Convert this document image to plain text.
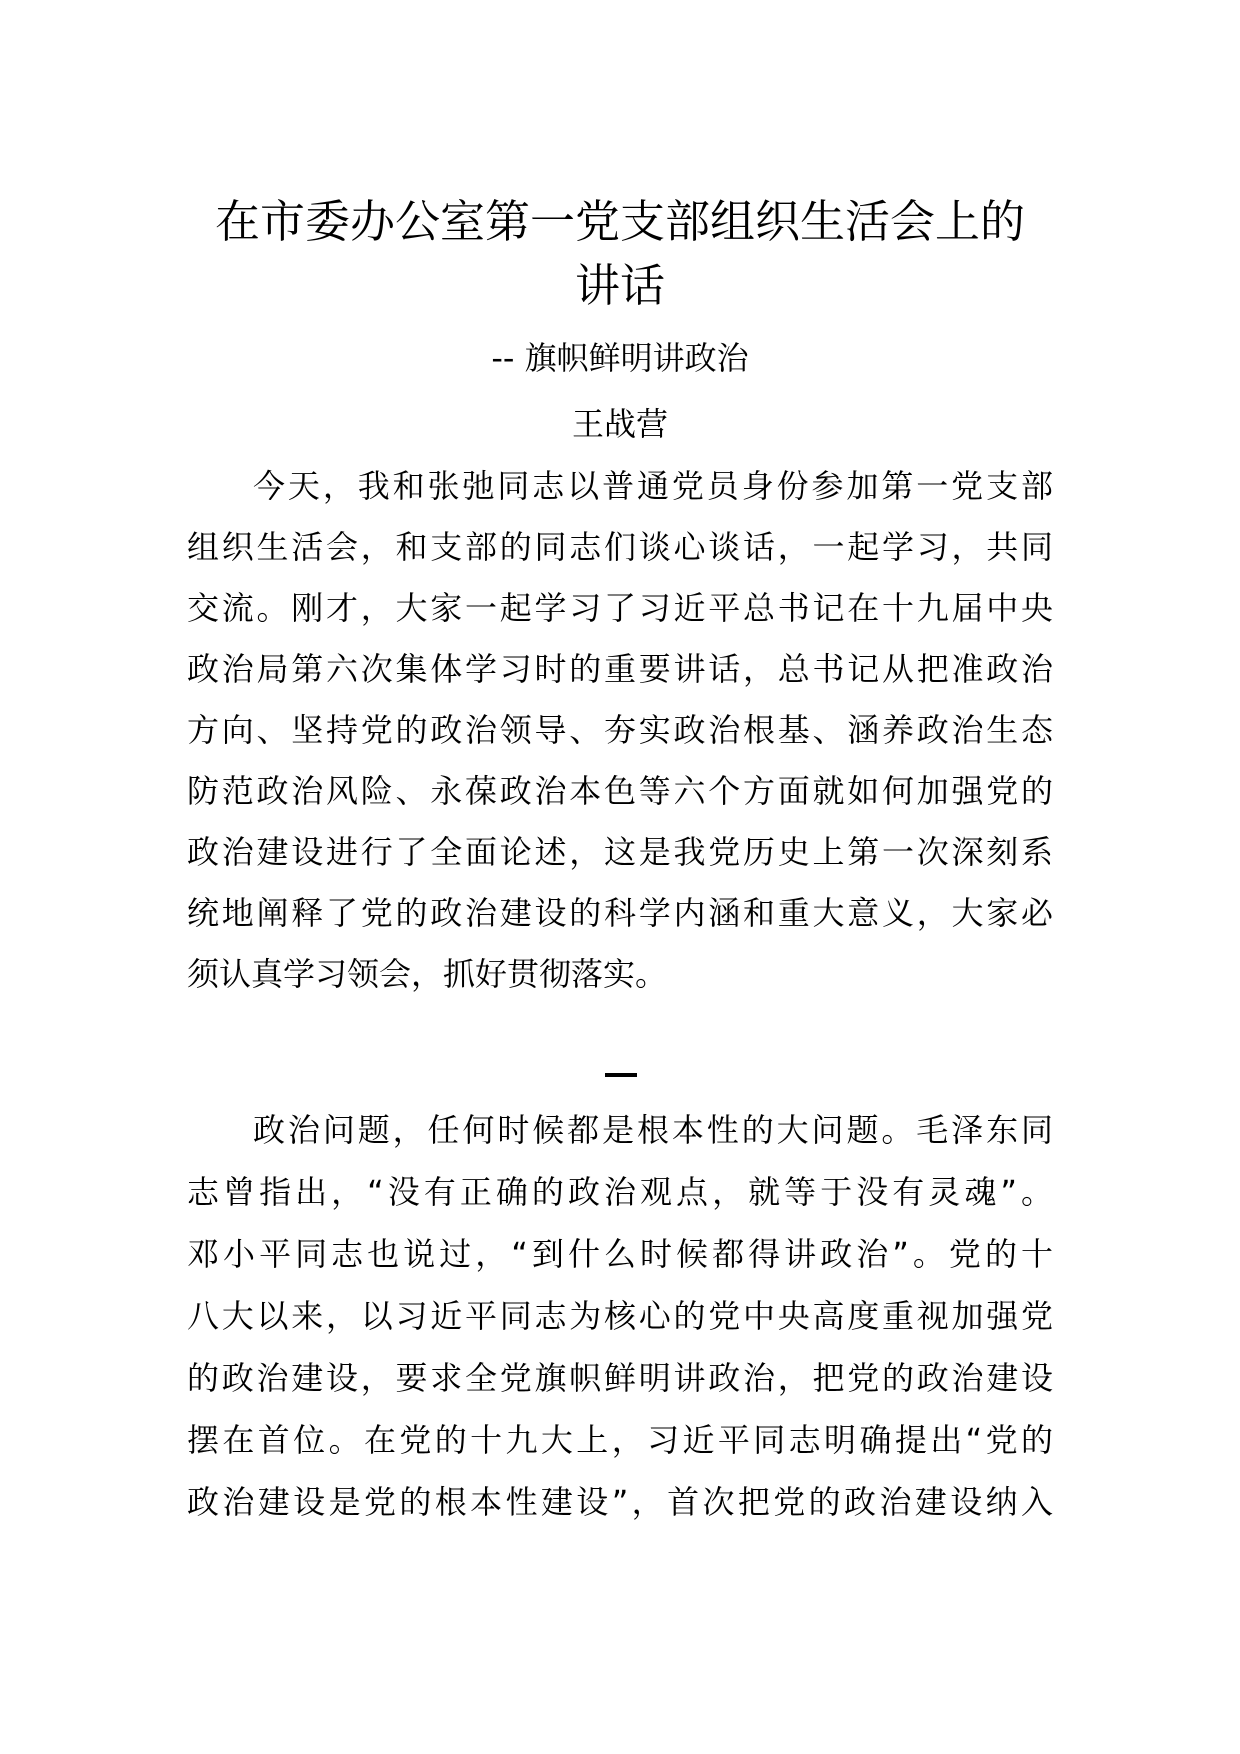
在市委办公室第一党支部组织生活会上的
讲话
-- 旗帜鲜明讲政治
王战营
今天，我和张弛同志以普通党员身份参加第一党支部
组织生活会，和支部的同志们谈心谈话，一起学习，共同
交流。刚才，大家一起学习了习近平总书记在十九届中央
政治局第六次集体学习时的重要讲话，总书记从把准政治
方向、坚持党的政治领导、夯实政治根基、涵养政治生态
防范政治风险、永葆政治本色等六个方面就如何加强党的
政治建设进行了全面论述，这是我党历史上第一次深刻系
统地阐释了党的政治建设的科学内涵和重大意义，大家必
须认真学习领会，抓好贯彻落实。
政治问题，任何时候都是根本性的大问题。毛泽东同
志曾指出，“没有正确的政治观点，就等于没有灵魂”。
邓小平同志也说过，“到什么时候都得讲政治”。党的十
八大以来，以习近平同志为核心的党中央高度重视加强党
的政治建设，要求全党旗帜鲜明讲政治，把党的政治建设
摆在首位。在党的十九大上，习近平同志明确提出“党的
政治建设是党的根本性建设”，首次把党的政治建设纳入
